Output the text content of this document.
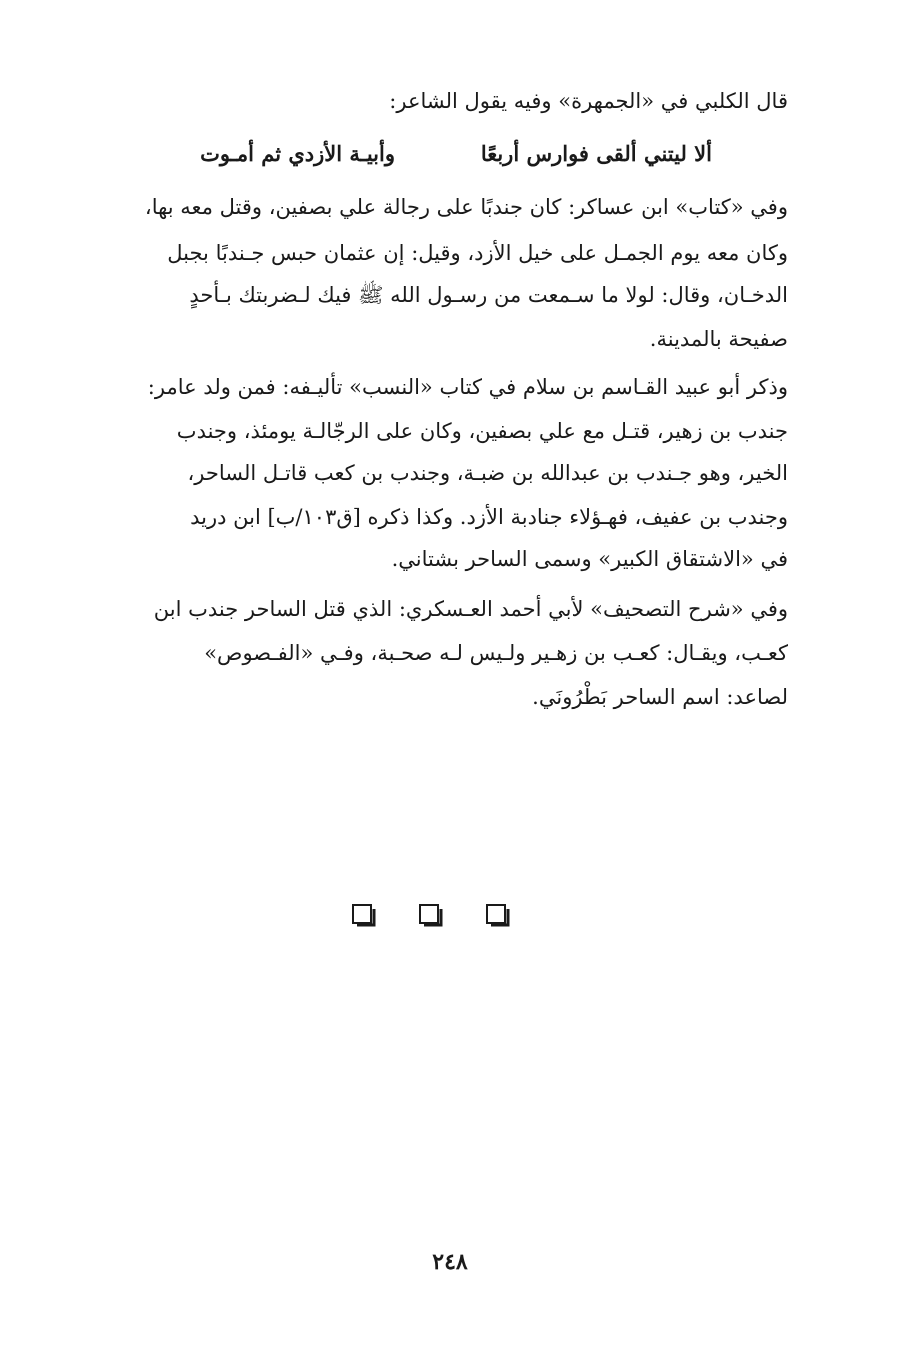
قال الكلبي في «الجمهرة» وفيه يقول الشاعر:
ألا ليتني ألقى فوارس أربعًا
وأبيـة الأزدي ثم أمـوت
وفي «كتاب» ابن عساكر: كان جندبًا على رجالة علي بصفين، وقتل معه بها،
وكان معه يوم الجمـل على خيل الأزد، وقيل: إن عثمان حبس جـندبًا بجبل
الدخـان، وقال: لولا ما سـمعت من رسـول الله ﷺ فيك لـضربتك بـأحدٍ
صفيحة بالمدينة.
وذكر أبو عبيد القـاسم بن سلام في كتاب «النسب» تأليـفه: فمن ولد عامر:
جندب بن زهير، قتـل مع علي بصفين، وكان على الرجّالـة يومئذ، وجندب
الخير، وهو جـندب بن عبدالله بن ضبـة، وجندب بن كعب قاتـل الساحر،
وجندب بن عفيف، فهـؤلاء جنادبة الأزد. وكذا ذكره [ق١٠٣/ب] ابن دريد
في «الاشتقاق الكبير» وسمى الساحر بشتاني.
وفي «شرح التصحيف» لأبي أحمد العـسكري: الذي قتل الساحر جندب ابن
كعـب، ويقـال: كعـب بن زهـير ولـيس لـه صحـبة، وفـي «الفـصوص»
لصاعد: اسم الساحر بَطْرُونَي.
٢٤٨
